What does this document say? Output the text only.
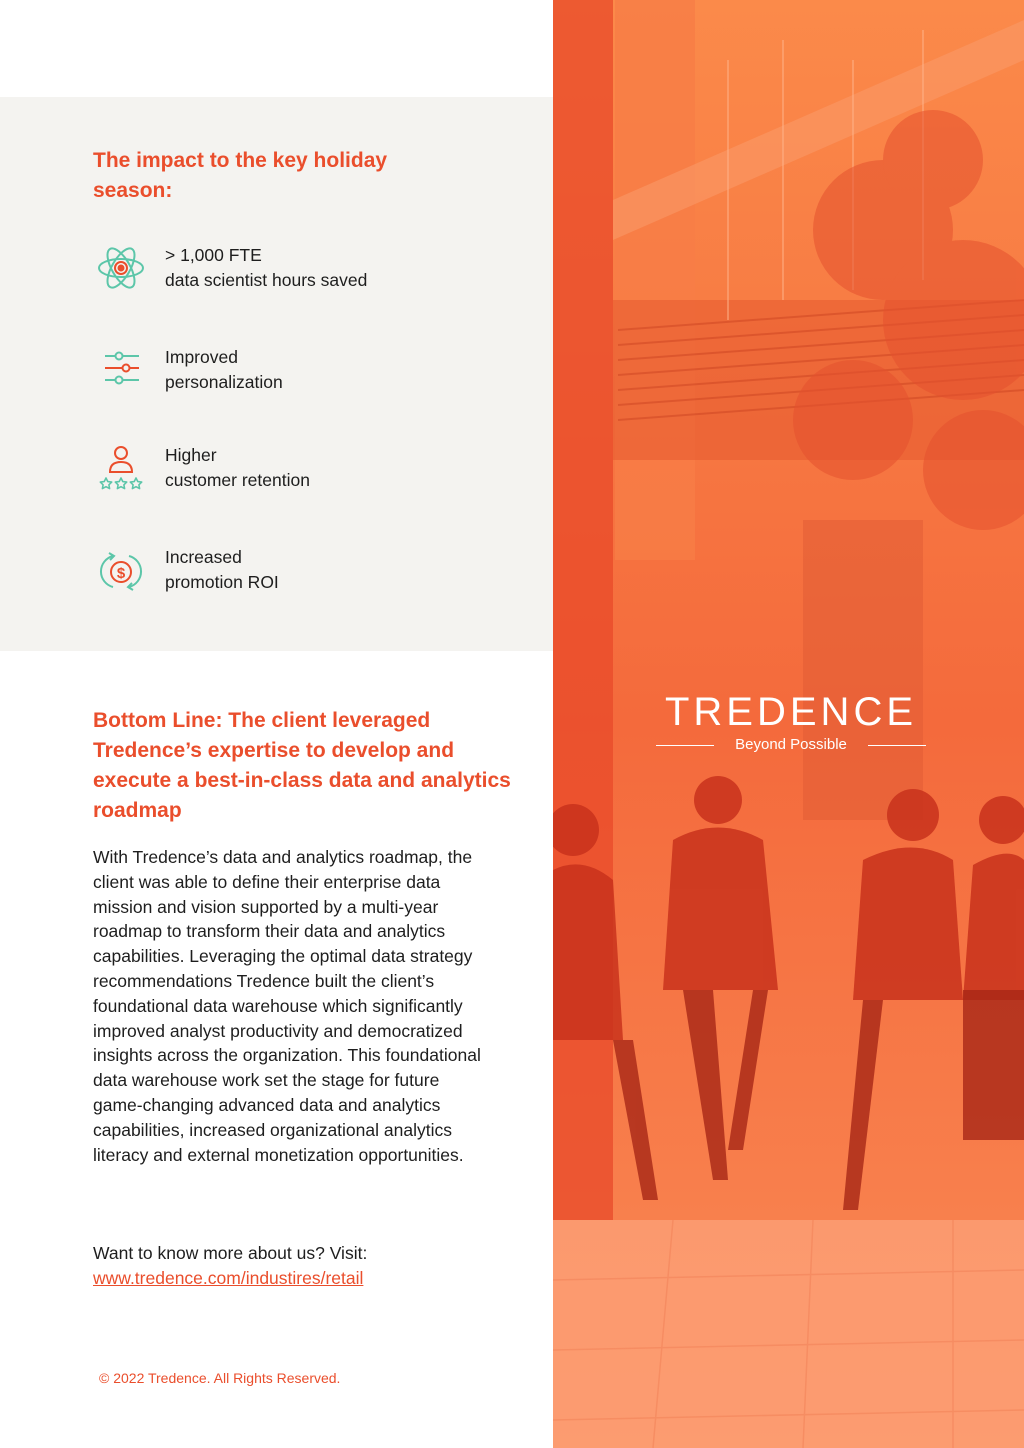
The impact to the key holiday season:
> 1,000 FTE
data scientist hours saved
Improved
personalization
Higher
customer retention
$
Increased
promotion ROI
Bottom Line: The client leveraged Tredence’s expertise to develop and execute a best-in-class data and analytics roadmap
With Tredence’s data and analytics roadmap, the client was able to define their enterprise data mission and vision supported by a multi-year roadmap to transform their data and analytics capabilities. Leveraging the optimal data strategy recommendations Tredence built the client’s foundational data warehouse which significantly improved analyst productivity and democratized insights across the organization. This foundational data warehouse work set the stage for future game-changing advanced data and analytics capabilities, increased organizational analytics literacy and external monetization opportunities.
Want to know more about us? Visit:
www.tredence.com/industires/retail
© 2022 Tredence. All Rights Reserved.
TREDENCE
Beyond Possible
